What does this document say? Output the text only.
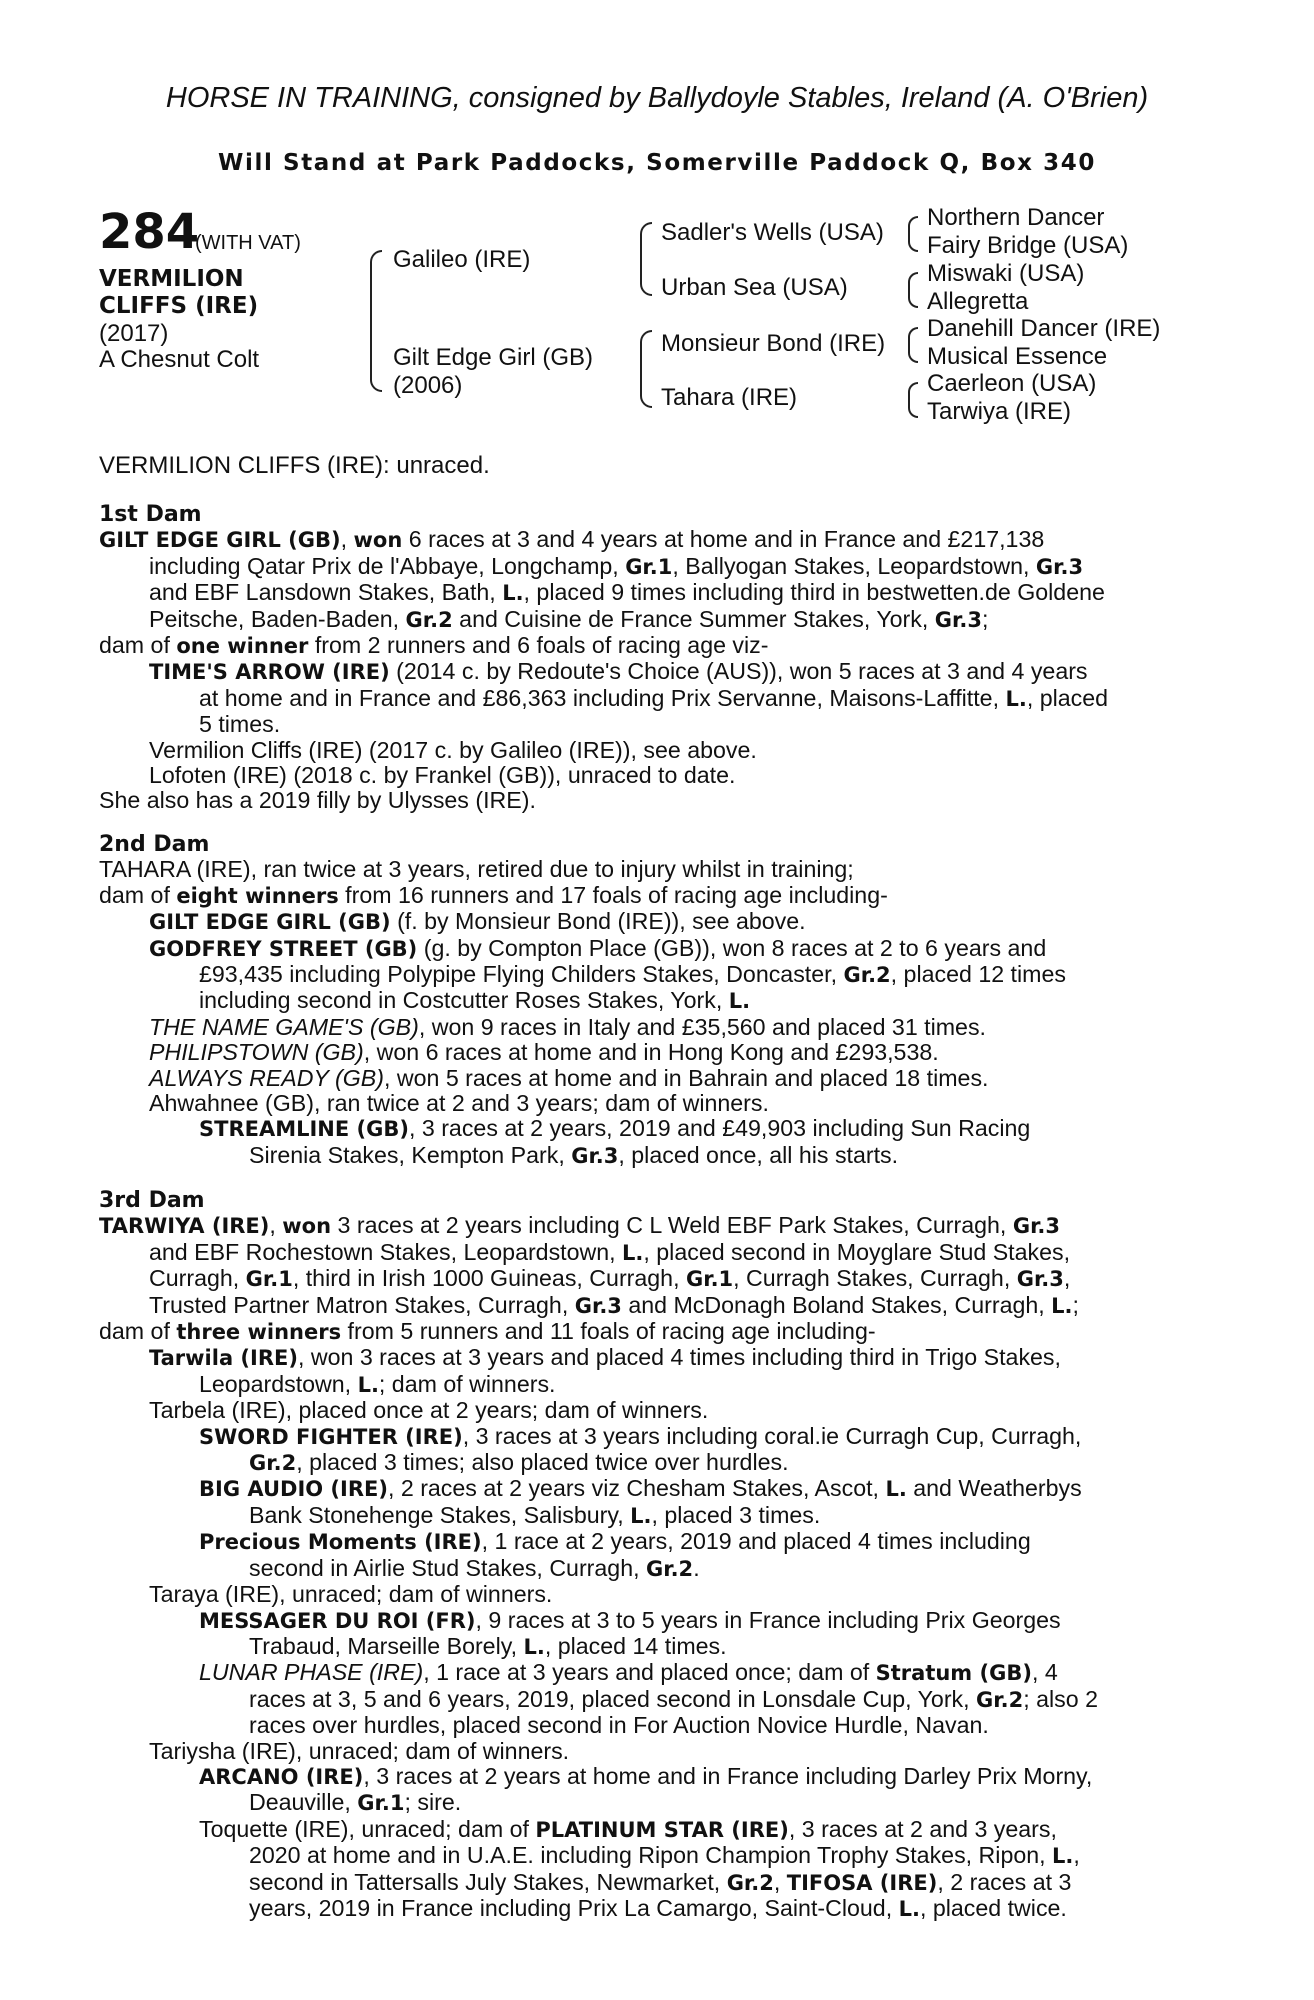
HORSE IN TRAINING, consigned by Ballydoyle Stables, Ireland (A. O'Brien)
Will Stand at Park Paddocks, Somerville Paddock Q, Box 340
284
(WITH VAT)
VERMILION
CLIFFS (IRE)
(2017)
A Chesnut Colt
Galileo (IRE)
Gilt Edge Girl (GB)
(2006)
Sadler's Wells (USA)
Urban Sea (USA)
Monsieur Bond (IRE)
Tahara (IRE)
Northern Dancer
Fairy Bridge (USA)
Miswaki (USA)
Allegretta
Danehill Dancer (IRE)
Musical Essence
Caerleon (USA)
Tarwiya (IRE)
VERMILION CLIFFS (IRE): unraced.

1st Dam

GILT EDGE GIRL (GB), won 6 races at 3 and 4 years at home and in France and £217,138

including Qatar Prix de l'Abbaye, Longchamp, Gr.1, Ballyogan Stakes, Leopardstown, Gr.3

and EBF Lansdown Stakes, Bath, L., placed 9 times including third in bestwetten.de Goldene

Peitsche, Baden-Baden, Gr.2 and Cuisine de France Summer Stakes, York, Gr.3;

dam of one winner from 2 runners and 6 foals of racing age viz-

TIME'S ARROW (IRE) (2014 c. by Redoute's Choice (AUS)), won 5 races at 3 and 4 years

at home and in France and £86,363 including Prix Servanne, Maisons-Laffitte, L., placed

5 times.

Vermilion Cliffs (IRE) (2017 c. by Galileo (IRE)), see above.

Lofoten (IRE) (2018 c. by Frankel (GB)), unraced to date.

She also has a 2019 filly by Ulysses (IRE).

2nd Dam

TAHARA (IRE), ran twice at 3 years, retired due to injury whilst in training;

dam of eight winners from 16 runners and 17 foals of racing age including-

GILT EDGE GIRL (GB) (f. by Monsieur Bond (IRE)), see above.

GODFREY STREET (GB) (g. by Compton Place (GB)), won 8 races at 2 to 6 years and

£93,435 including Polypipe Flying Childers Stakes, Doncaster, Gr.2, placed 12 times

including second in Costcutter Roses Stakes, York, L.

THE NAME GAME'S (GB), won 9 races in Italy and £35,560 and placed 31 times.

PHILIPSTOWN (GB), won 6 races at home and in Hong Kong and £293,538.

ALWAYS READY (GB), won 5 races at home and in Bahrain and placed 18 times.

Ahwahnee (GB), ran twice at 2 and 3 years; dam of winners.

STREAMLINE (GB), 3 races at 2 years, 2019 and £49,903 including Sun Racing

Sirenia Stakes, Kempton Park, Gr.3, placed once, all his starts.

3rd Dam

TARWIYA (IRE), won 3 races at 2 years including C L Weld EBF Park Stakes, Curragh, Gr.3

and EBF Rochestown Stakes, Leopardstown, L., placed second in Moyglare Stud Stakes,

Curragh, Gr.1, third in Irish 1000 Guineas, Curragh, Gr.1, Curragh Stakes, Curragh, Gr.3,

Trusted Partner Matron Stakes, Curragh, Gr.3 and McDonagh Boland Stakes, Curragh, L.;

dam of three winners from 5 runners and 11 foals of racing age including-

Tarwila (IRE), won 3 races at 3 years and placed 4 times including third in Trigo Stakes,

Leopardstown, L.; dam of winners.

Tarbela (IRE), placed once at 2 years; dam of winners.

SWORD FIGHTER (IRE), 3 races at 3 years including coral.ie Curragh Cup, Curragh,

Gr.2, placed 3 times; also placed twice over hurdles.

BIG AUDIO (IRE), 2 races at 2 years viz Chesham Stakes, Ascot, L. and Weatherbys

Bank Stonehenge Stakes, Salisbury, L., placed 3 times.

Precious Moments (IRE), 1 race at 2 years, 2019 and placed 4 times including

second in Airlie Stud Stakes, Curragh, Gr.2.

Taraya (IRE), unraced; dam of winners.

MESSAGER DU ROI (FR), 9 races at 3 to 5 years in France including Prix Georges

Trabaud, Marseille Borely, L., placed 14 times.

LUNAR PHASE (IRE), 1 race at 3 years and placed once; dam of Stratum (GB), 4

races at 3, 5 and 6 years, 2019, placed second in Lonsdale Cup, York, Gr.2; also 2

races over hurdles, placed second in For Auction Novice Hurdle, Navan.

Tariysha (IRE), unraced; dam of winners.

ARCANO (IRE), 3 races at 2 years at home and in France including Darley Prix Morny,

Deauville, Gr.1; sire.

Toquette (IRE), unraced; dam of PLATINUM STAR (IRE), 3 races at 2 and 3 years,

2020 at home and in U.A.E. including Ripon Champion Trophy Stakes, Ripon, L.,

second in Tattersalls July Stakes, Newmarket, Gr.2, TIFOSA (IRE), 2 races at 3

years, 2019 in France including Prix La Camargo, Saint-Cloud, L., placed twice.
